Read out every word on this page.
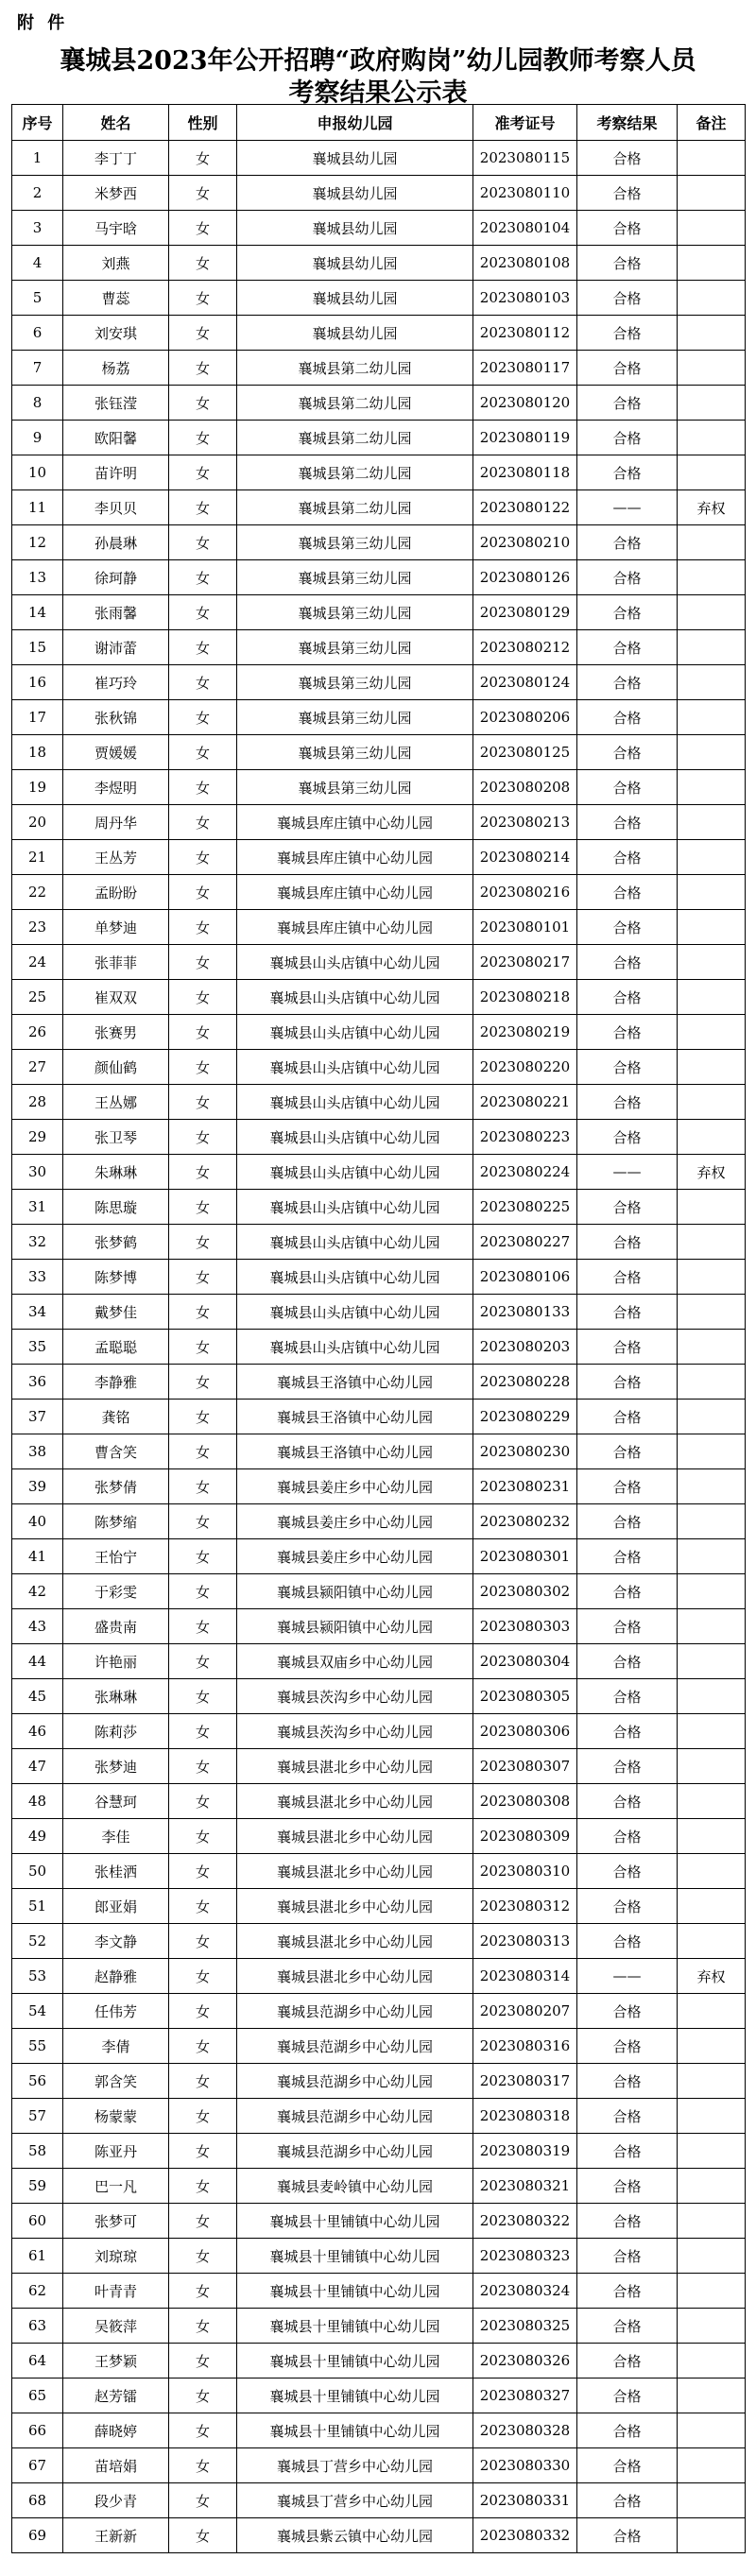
附 件
襄城县2023年公开招聘“政府购岗”幼儿园教师考察人员
考察结果公示表
序号	姓名	性别	申报幼儿园	准考证号	考察结果	备注
1	李丁丁	女	襄城县幼儿园	2023080115	合格	
2	米梦西	女	襄城县幼儿园	2023080110	合格	
3	马宇晗	女	襄城县幼儿园	2023080104	合格	
4	刘燕	女	襄城县幼儿园	2023080108	合格	
5	曹蕊	女	襄城县幼儿园	2023080103	合格	
6	刘安琪	女	襄城县幼儿园	2023080112	合格	
7	杨荔	女	襄城县第二幼儿园	2023080117	合格	
8	张钰滢	女	襄城县第二幼儿园	2023080120	合格	
9	欧阳馨	女	襄城县第二幼儿园	2023080119	合格	
10	苗许明	女	襄城县第二幼儿园	2023080118	合格	
11	李贝贝	女	襄城县第二幼儿园	2023080122	——	弃权
12	孙晨琳	女	襄城县第三幼儿园	2023080210	合格	
13	徐珂静	女	襄城县第三幼儿园	2023080126	合格	
14	张雨馨	女	襄城县第三幼儿园	2023080129	合格	
15	谢沛蕾	女	襄城县第三幼儿园	2023080212	合格	
16	崔巧玲	女	襄城县第三幼儿园	2023080124	合格	
17	张秋锦	女	襄城县第三幼儿园	2023080206	合格	
18	贾媛媛	女	襄城县第三幼儿园	2023080125	合格	
19	李煜明	女	襄城县第三幼儿园	2023080208	合格	
20	周丹华	女	襄城县库庄镇中心幼儿园	2023080213	合格	
21	王丛芳	女	襄城县库庄镇中心幼儿园	2023080214	合格	
22	孟盼盼	女	襄城县库庄镇中心幼儿园	2023080216	合格	
23	单梦迪	女	襄城县库庄镇中心幼儿园	2023080101	合格	
24	张菲菲	女	襄城县山头店镇中心幼儿园	2023080217	合格	
25	崔双双	女	襄城县山头店镇中心幼儿园	2023080218	合格	
26	张赛男	女	襄城县山头店镇中心幼儿园	2023080219	合格	
27	颜仙鹤	女	襄城县山头店镇中心幼儿园	2023080220	合格	
28	王丛娜	女	襄城县山头店镇中心幼儿园	2023080221	合格	
29	张卫琴	女	襄城县山头店镇中心幼儿园	2023080223	合格	
30	朱琳琳	女	襄城县山头店镇中心幼儿园	2023080224	——	弃权
31	陈思璇	女	襄城县山头店镇中心幼儿园	2023080225	合格	
32	张梦鹤	女	襄城县山头店镇中心幼儿园	2023080227	合格	
33	陈梦博	女	襄城县山头店镇中心幼儿园	2023080106	合格	
34	戴梦佳	女	襄城县山头店镇中心幼儿园	2023080133	合格	
35	孟聪聪	女	襄城县山头店镇中心幼儿园	2023080203	合格	
36	李静雅	女	襄城县王洛镇中心幼儿园	2023080228	合格	
37	龚铭	女	襄城县王洛镇中心幼儿园	2023080229	合格	
38	曹含笑	女	襄城县王洛镇中心幼儿园	2023080230	合格	
39	张梦倩	女	襄城县姜庄乡中心幼儿园	2023080231	合格	
40	陈梦缩	女	襄城县姜庄乡中心幼儿园	2023080232	合格	
41	王怡宁	女	襄城县姜庄乡中心幼儿园	2023080301	合格	
42	于彩雯	女	襄城县颍阳镇中心幼儿园	2023080302	合格	
43	盛贵南	女	襄城县颍阳镇中心幼儿园	2023080303	合格	
44	许艳丽	女	襄城县双庙乡中心幼儿园	2023080304	合格	
45	张琳琳	女	襄城县茨沟乡中心幼儿园	2023080305	合格	
46	陈莉莎	女	襄城县茨沟乡中心幼儿园	2023080306	合格	
47	张梦迪	女	襄城县湛北乡中心幼儿园	2023080307	合格	
48	谷慧珂	女	襄城县湛北乡中心幼儿园	2023080308	合格	
49	李佳	女	襄城县湛北乡中心幼儿园	2023080309	合格	
50	张桂洒	女	襄城县湛北乡中心幼儿园	2023080310	合格	
51	郎亚娟	女	襄城县湛北乡中心幼儿园	2023080312	合格	
52	李文静	女	襄城县湛北乡中心幼儿园	2023080313	合格	
53	赵静雅	女	襄城县湛北乡中心幼儿园	2023080314	——	弃权
54	任伟芳	女	襄城县范湖乡中心幼儿园	2023080207	合格	
55	李倩	女	襄城县范湖乡中心幼儿园	2023080316	合格	
56	郭含笑	女	襄城县范湖乡中心幼儿园	2023080317	合格	
57	杨蒙蒙	女	襄城县范湖乡中心幼儿园	2023080318	合格	
58	陈亚丹	女	襄城县范湖乡中心幼儿园	2023080319	合格	
59	巴一凡	女	襄城县麦岭镇中心幼儿园	2023080321	合格	
60	张梦可	女	襄城县十里铺镇中心幼儿园	2023080322	合格	
61	刘琼琼	女	襄城县十里铺镇中心幼儿园	2023080323	合格	
62	叶青青	女	襄城县十里铺镇中心幼儿园	2023080324	合格	
63	吴筱萍	女	襄城县十里铺镇中心幼儿园	2023080325	合格	
64	王梦颖	女	襄城县十里铺镇中心幼儿园	2023080326	合格	
65	赵芳镭	女	襄城县十里铺镇中心幼儿园	2023080327	合格	
66	薛晓婷	女	襄城县十里铺镇中心幼儿园	2023080328	合格	
67	苗培娟	女	襄城县丁营乡中心幼儿园	2023080330	合格	
68	段少青	女	襄城县丁营乡中心幼儿园	2023080331	合格	
69	王新新	女	襄城县紫云镇中心幼儿园	2023080332	合格	
